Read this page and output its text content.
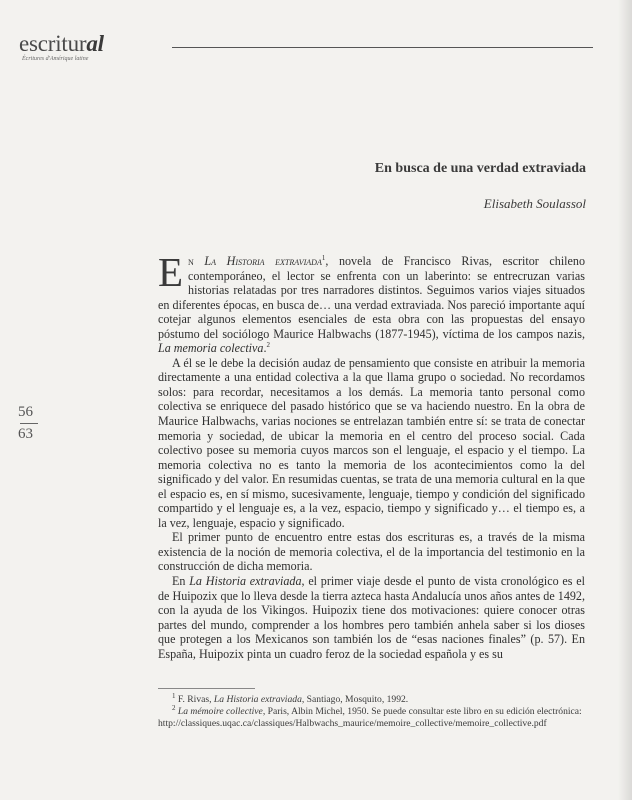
escritural
Écritures d'Amérique latine
En busca de una verdad extraviada
Elisabeth Soulassol
56
63

En La Historia extraviada$^1$, novela de Francisco Rivas, escritor chileno contemporáneo, el lector se enfrenta con un laberinto: se entrecruzan varias historias relatadas por tres narradores distintos. Seguimos varios viajes situados en diferentes épocas, en busca de… una verdad extraviada. Nos pareció importante aquí cotejar algunos elementos esenciales de esta obra con las propuestas del ensayo póstumo del sociólogo Maurice Halbwachs (1877-1945), víctima de los campos nazis, La memoria colectiva.$^2$

A él se le debe la decisión audaz de pensamiento que consiste en atribuir la memoria directamente a una entidad colectiva a la que llama grupo o sociedad. No recordamos solos: para recordar, necesitamos a los demás. La memoria tanto personal como colectiva se enriquece del pasado histórico que se va haciendo nuestro. En la obra de Maurice Halbwachs, varias nociones se entrelazan también entre sí: se trata de conectar memoria y sociedad, de ubicar la memoria en el centro del proceso social. Cada colectivo posee su memoria cuyos marcos son el lenguaje, el espacio y el tiempo. La memoria colectiva no es tanto la memoria de los acontecimientos como la del significado y del valor. En resumidas cuentas, se trata de una memoria cultural en la que el espacio es, en sí mismo, sucesivamente, lenguaje, tiempo y condición del significado compartido y el lenguaje es, a la vez, espacio, tiempo y significado y… el tiempo es, a la vez, lenguaje, espacio y significado.

El primer punto de encuentro entre estas dos escrituras es, a través de la misma existencia de la noción de memoria colectiva, el de la importancia del testimonio en la construcción de dicha memoria.

En La Historia extraviada, el primer viaje desde el punto de vista cronológico es el de Huipozix que lo lleva desde la tierra azteca hasta Andalucía unos años antes de 1492, con la ayuda de los Vikingos. Huipozix tiene dos motivaciones: quiere conocer otras partes del mundo, comprender a los hombres pero también anhela saber si los dioses que protegen a los Mexicanos son también los de “esas naciones finales” (p. 57). En España, Huipozix pinta un cuadro feroz de la sociedad española y es su

$^1$ F. Rivas, La Historia extraviada, Santiago, Mosquito, 1992.

$^2$ La mémoire collective, Paris, Albin Michel, 1950. Se puede consultar este libro en su edición electrónica: http://classiques.uqac.ca/classiques/Halbwachs_maurice/memoire_collective/memoire_collective.pdf
